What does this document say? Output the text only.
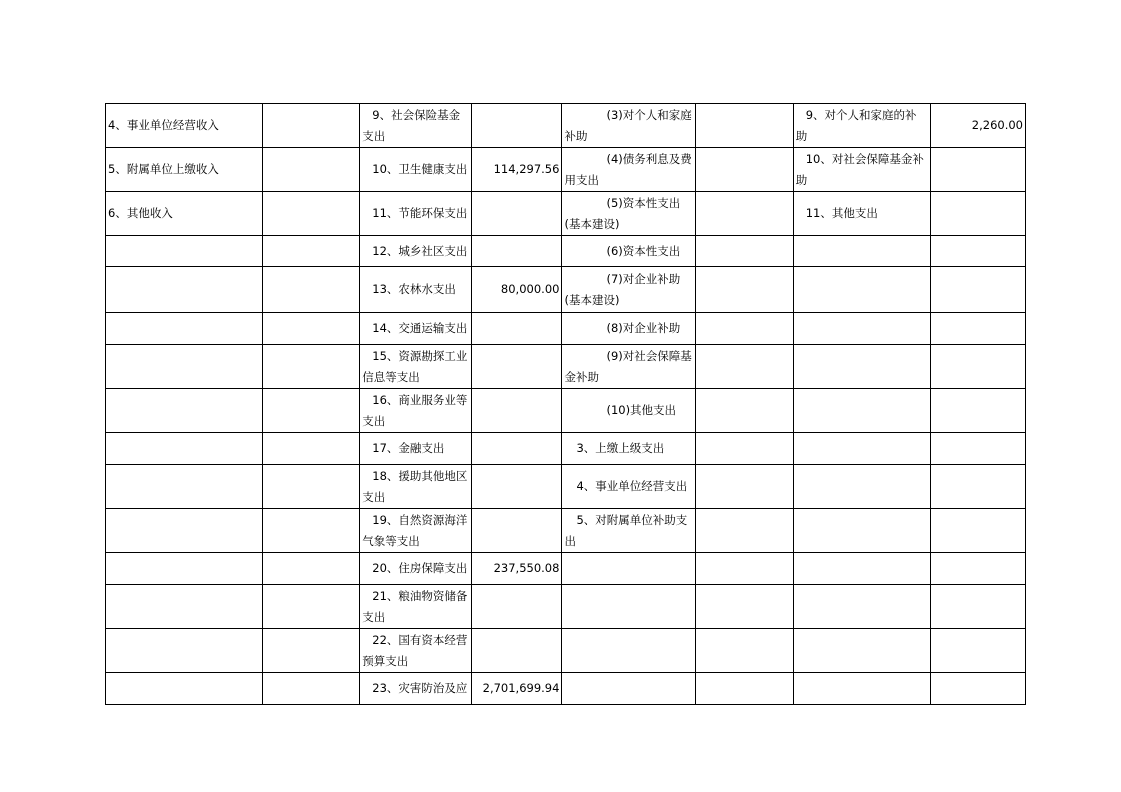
4、事业单位经营收入		9、社会保险基金支出		(3)对个人和家庭补助		9、对个人和家庭的补助	2,260.00
5、附属单位上缴收入		10、卫生健康支出	114,297.56	(4)债务利息及费用支出		10、对社会保障基金补助	
6、其他收入		11、节能环保支出		(5)资本性支出(基本建设)		11、其他支出	
		12、城乡社区支出		(6)资本性支出			
		13、农林水支出	80,000.00	(7)对企业补助(基本建设)			
		14、交通运输支出		(8)对企业补助			
		15、资源勘探工业信息等支出		(9)对社会保障基金补助			
		16、商业服务业等支出		(10)其他支出			
		17、金融支出		3、上缴上级支出			
		18、援助其他地区支出		4、事业单位经营支出			
		19、自然资源海洋气象等支出		5、对附属单位补助支出			
		20、住房保障支出	237,550.08				
		21、粮油物资储备支出					
		22、国有资本经营预算支出					
		23、灾害防治及应	2,701,699.94				
